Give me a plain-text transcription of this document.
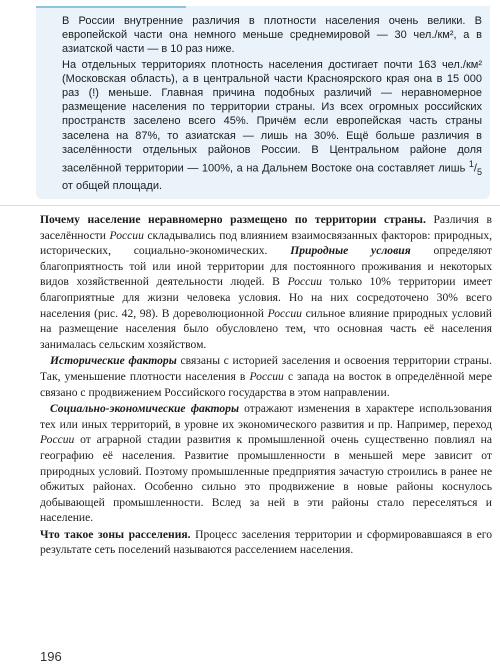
В России внутренние различия в плотности населения очень велики. В европейской части она немного меньше среднемировой — 30 чел./км², а в азиатской части — в 10 раз ниже.

На отдельных территориях плотность населения достигает почти 163 чел./км² (Московская область), а в центральной части Красноярского края она в 15 000 раз (!) меньше. Главная причина подобных различий — неравномерное размещение населения по территории страны. Из всех огромных российских пространств заселено всего 45%. Причём если европейская часть страны заселена на 87%, то азиатская — лишь на 30%. Ещё больше различия в заселённости отдельных районов России. В Центральном районе доля заселённой территории — 100%, а на Дальнем Востоке она составляет лишь $^1/_5$ от общей площади.

Почему население неравномерно размещено по территории страны. Различия в заселённости России складывались под влиянием взаимосвязанных факторов: природных, исторических, социально-экономических. Природные условия определяют благоприятность той или иной территории для постоянного проживания и некоторых видов хозяйственной деятельности людей. В России только 10% территории имеет благоприятные для жизни человека условия. Но на них сосредоточено 30% всего населения (рис. 42, 98). В дореволюционной России сильное влияние природных условий на размещение населения было обусловлено тем, что основная часть её населения занималась сельским хозяйством.

Исторические факторы связаны с историей заселения и освоения территории страны. Так, уменьшение плотности населения в России с запада на восток в определённой мере связано с продвижением Российского государства в этом направлении.

Социально-экономические факторы отражают изменения в характере использования тех или иных территорий, в уровне их экономического развития и пр. Например, переход России от аграрной стадии развития к промышленной очень существенно повлиял на географию её населения. Развитие промышленности в меньшей мере зависит от природных условий. Поэтому промышленные предприятия зачастую строились в ранее не обжитых районах. Особенно сильно это продвижение в новые районы коснулось добывающей промышленности. Вслед за ней в эти районы стало переселяться и население.

Что такое зоны расселения. Процесс заселения территории и сформировавшаяся в его результате сеть поселений называются расселением населения.

196
